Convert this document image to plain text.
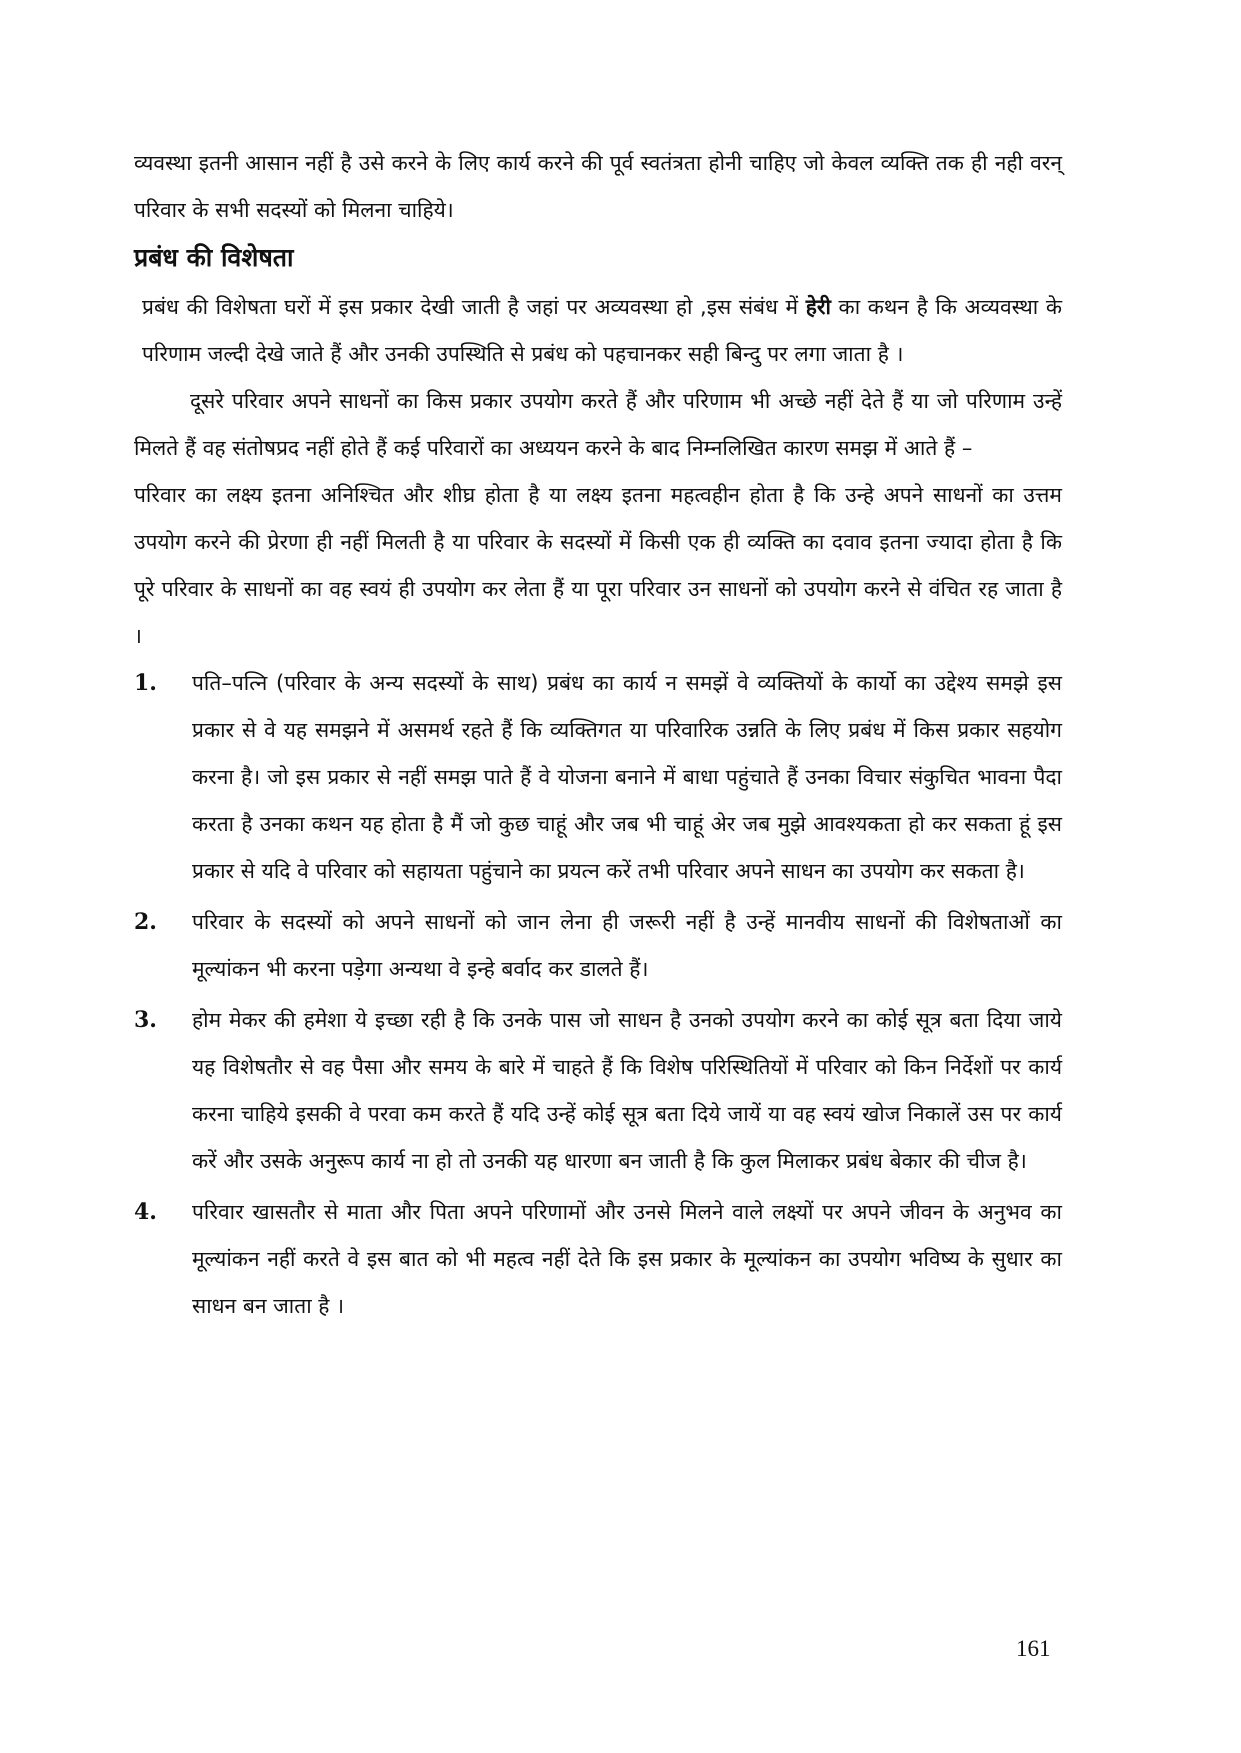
व्यवस्था इतनी आसान नहीं है उसे करने के लिए कार्य करने की पूर्व स्वतंत्रता होनी चाहिए जो केवल व्यक्ति तक ही नही वरन् परिवार के सभी सदस्यों को मिलना चाहिये।

प्रबंध की विशेषता

प्रबंध की विशेषता घरों में इस प्रकार देखी जाती है जहां पर अव्यवस्था हो ,इस संबंध में हेरी का कथन है कि अव्यवस्था के परिणाम जल्दी देखे जाते हैं और उनकी उपस्थिति से प्रबंध को पहचानकर सही बिन्दु पर लगा जाता है ।

दूसरे परिवार अपने साधनों का किस प्रकार उपयोग करते हैं और परिणाम भी अच्छे नहीं देते हैं या जो परिणाम उन्हें मिलते हैं वह संतोषप्रद नहीं होते हैं कई परिवारों का अध्ययन करने के बाद निम्नलिखित कारण समझ में आते हैं –

परिवार का लक्ष्य इतना अनिश्चित और शीघ्र होता है या लक्ष्य इतना महत्वहीन होता है कि उन्हे अपने साधनों का उत्तम उपयोग करने की प्रेरणा ही नहीं मिलती है या परिवार के सदस्यों में किसी एक ही व्यक्ति का दवाव इतना ज्यादा होता है कि पूरे परिवार के साधनों का वह स्वयं ही उपयोग कर लेता हैं या पूरा परिवार उन साधनों को उपयोग करने से वंचित रह जाता है ।

1.	पति–पत्नि (परिवार के अन्य सदस्यों के साथ) प्रबंध का कार्य न समझें वे व्यक्तियों के कार्यो का उद्देश्य समझे इस प्रकार से वे यह समझने में असमर्थ रहते हैं कि व्यक्तिगत या परिवारिक उन्नति के लिए प्रबंध में किस प्रकार सहयोग करना है। जो इस प्रकार से नहीं समझ पाते हैं वे योजना बनाने में बाधा पहुंचाते हैं उनका विचार संकुचित भावना पैदा करता है उनका कथन यह होता है मैं जो कुछ चाहूं और जब भी चाहूं अेर जब मुझे आवश्यकता हो कर सकता हूं इस प्रकार से यदि वे परिवार को सहायता पहुंचाने का प्रयत्न करें तभी परिवार अपने साधन का उपयोग कर सकता है।
2.	परिवार के सदस्यों को अपने साधनों को जान लेना ही जरूरी नहीं है उन्हें मानवीय साधनों की विशेषताओं का मूल्यांकन भी करना पड़ेगा अन्यथा वे इन्हे बर्वाद कर डालते हैं।
3.	होम मेकर की हमेशा ये इच्छा रही है कि उनके पास जो साधन है उनको उपयोग करने का कोई सूत्र बता दिया जाये यह विशेषतौर से वह पैसा और समय के बारे में चाहते हैं कि विशेष परिस्थितियों में परिवार को किन निर्देशों पर कार्य करना चाहिये इसकी वे परवा कम करते हैं यदि उन्हें कोई सूत्र बता दिये जायें या वह स्वयं खोज निकालें उस पर कार्य करें और उसके अनुरूप कार्य ना हो तो उनकी यह धारणा बन जाती है कि कुल मिलाकर प्रबंध बेकार की चीज है।
4.	परिवार खासतौर से माता और पिता अपने परिणामों और उनसे मिलने वाले लक्ष्यों पर अपने जीवन के अनुभव का मूल्यांकन नहीं करते वे इस बात को भी महत्व नहीं देते कि इस प्रकार के मूल्यांकन का उपयोग भविष्य के सुधार का साधन बन जाता है ।
161
